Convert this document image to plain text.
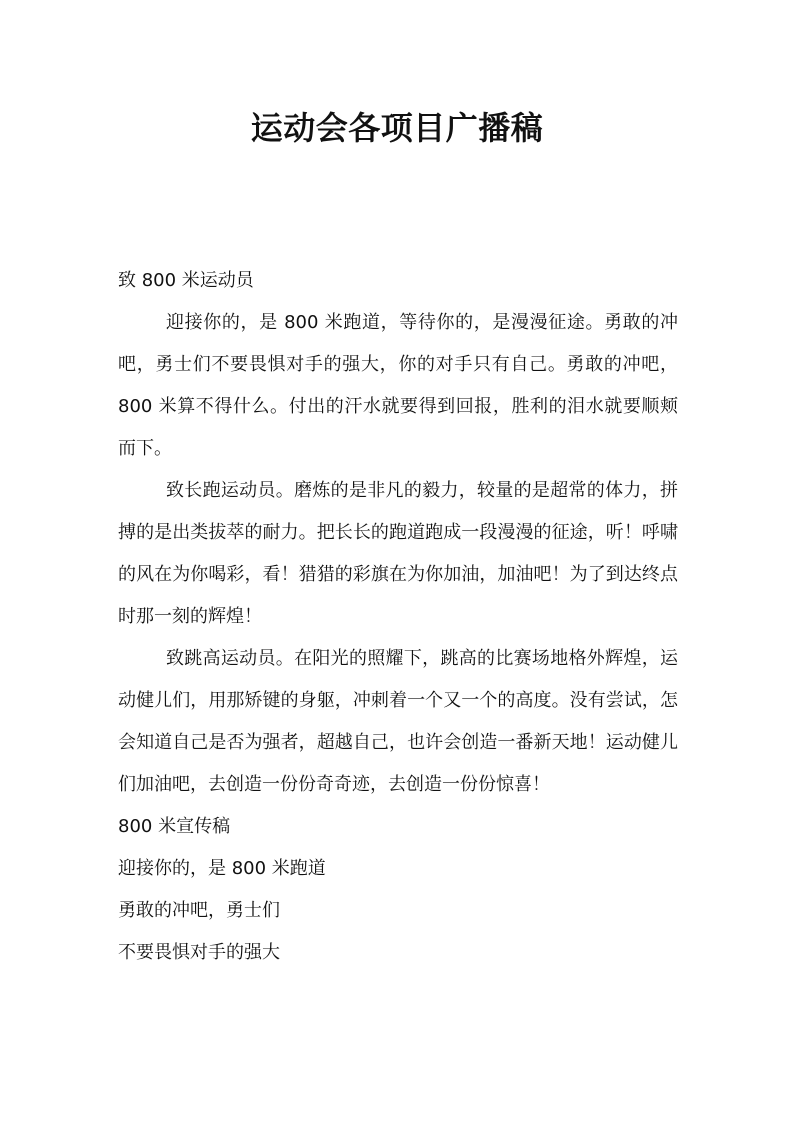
运动会各项目广播稿
致 800 米运动员

迎接你的，是 800 米跑道，等待你的，是漫漫征途。勇敢的冲吧，勇士们不要畏惧对手的强大，你的对手只有自己。勇敢的冲吧，800 米算不得什么。付出的汗水就要得到回报，胜利的泪水就要顺颊而下。

致长跑运动员。磨炼的是非凡的毅力，较量的是超常的体力，拼搏的是出类拔萃的耐力。把长长的跑道跑成一段漫漫的征途，听！呼啸的风在为你喝彩，看！猎猎的彩旗在为你加油，加油吧！为了到达终点时那一刻的辉煌！

致跳高运动员。在阳光的照耀下，跳高的比赛场地格外辉煌，运动健儿们，用那矫键的身躯，冲刺着一个又一个的高度。没有尝试，怎会知道自己是否为强者，超越自己，也许会创造一番新天地！运动健儿们加油吧，去创造一份份奇奇迹，去创造一份份惊喜！

800 米宣传稿
迎接你的，是 800 米跑道
勇敢的冲吧，勇士们
不要畏惧对手的强大
